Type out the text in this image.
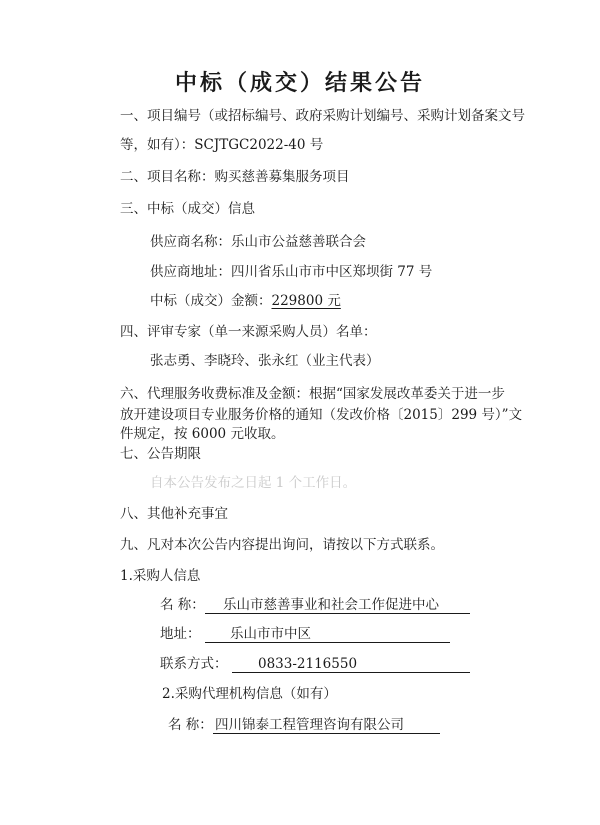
中标（成交）结果公告
一、项目编号（或招标编号、政府采购计划编号、采购计划备案文号
等，如有）：SCJTGC2022-40 号
二、项目名称：购买慈善募集服务项目
三、中标（成交）信息
供应商名称：乐山市公益慈善联合会
供应商地址：四川省乐山市市中区郑坝街 77 号
中标（成交）金额：229800 元
四、评审专家（单一来源采购人员）名单：
张志勇、李晓玲、张永红（业主代表）
六、代理服务收费标准及金额：根据“国家发展改革委关于进一步
放开建设项目专业服务价格的通知（发改价格〔2015〕299 号）”文
件规定，按 6000 元收取。
七、公告期限
自本公告发布之日起 1 个工作日。
八、其他补充事宜
九、凡对本次公告内容提出询问，请按以下方式联系。
1.采购人信息
名 称：	乐山市慈善事业和社会工作促进中心
地址：	乐山市市中区
联系方式：	0833-2116550
2.采购代理机构信息（如有）
名 称： 四川锦泰工程管理咨询有限公司
